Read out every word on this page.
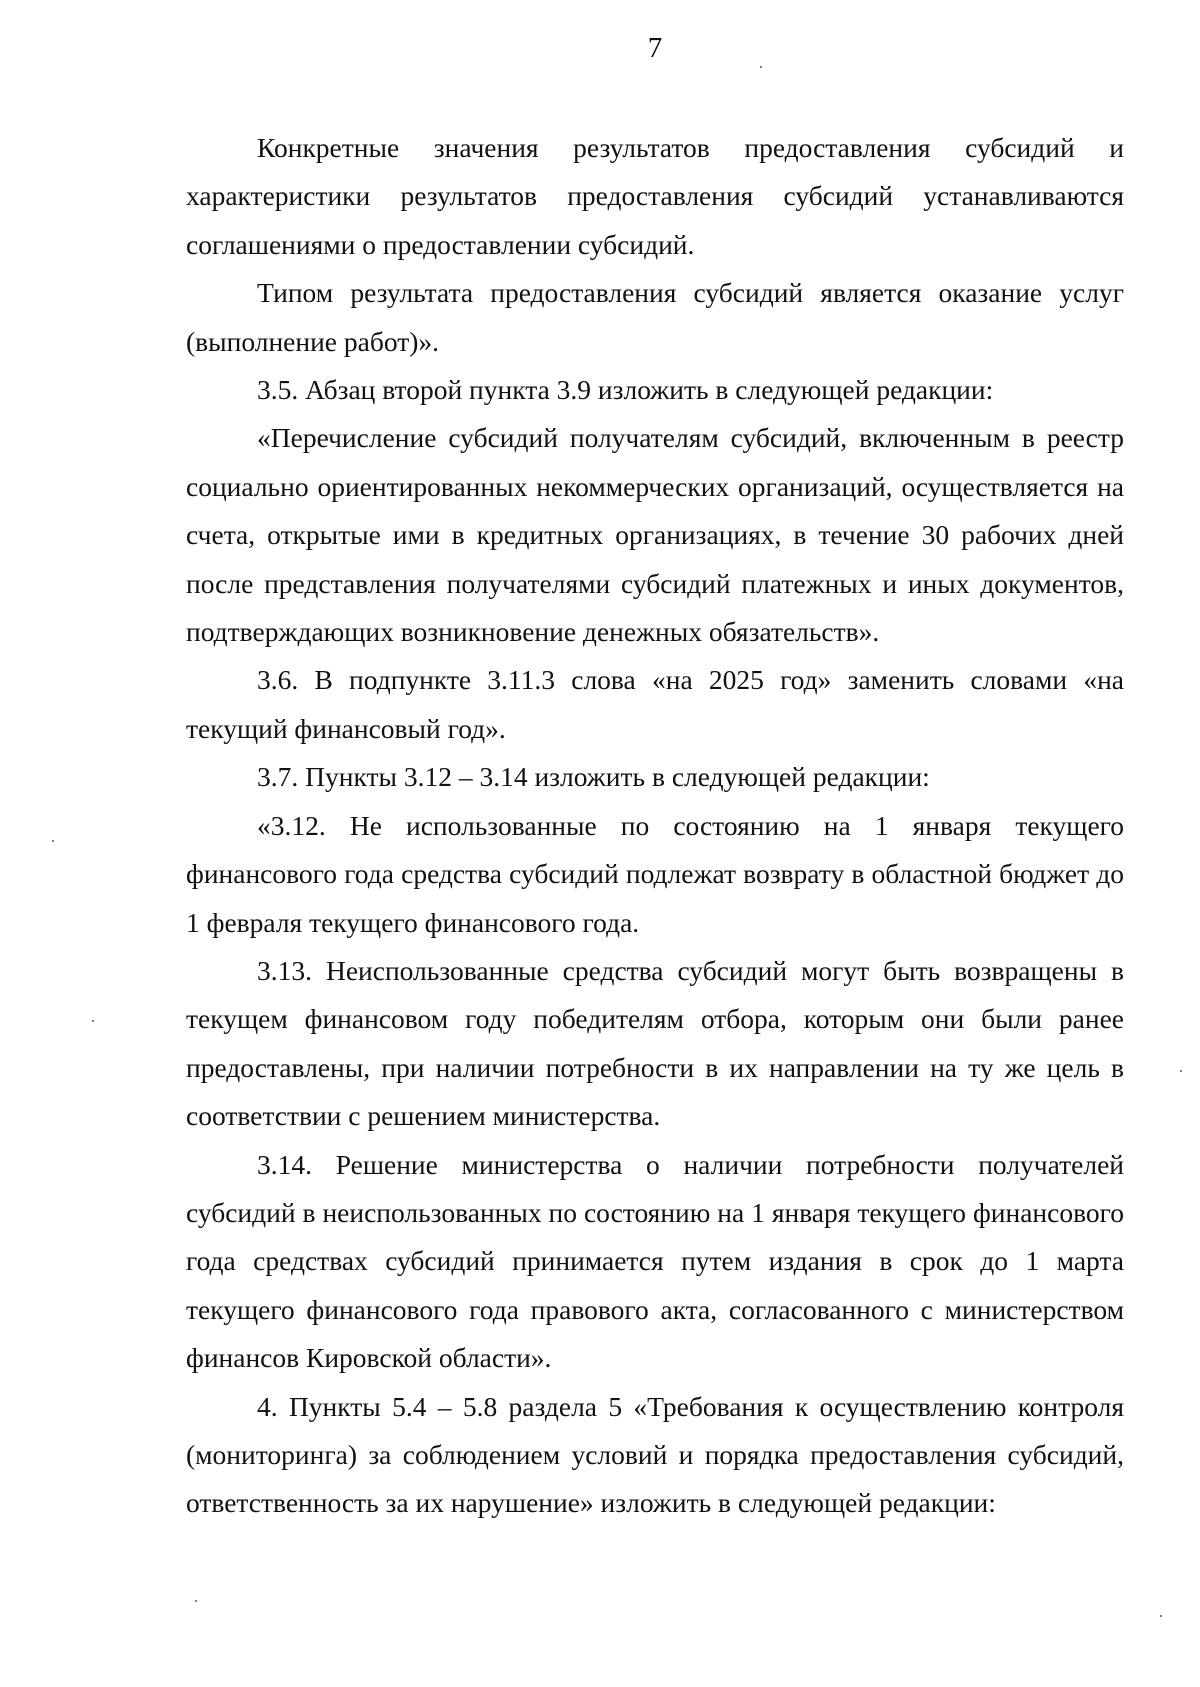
7

Конкретные значения результатов предоставления субсидий и характеристики результатов предоставления субсидий устанавливаются соглашениями о предоставлении субсидий.

Типом результата предоставления субсидий является оказание услуг (выполнение работ)».

3.5. Абзац второй пункта 3.9 изложить в следующей редакции:

«Перечисление субсидий получателям субсидий, включенным в реестр социально ориентированных некоммерческих организаций, осуществляется на счета, открытые ими в кредитных организациях, в течение 30 рабочих дней после представления получателями субсидий платежных и иных документов, подтверждающих возникновение денежных обязательств».

3.6. В подпункте 3.11.3 слова «на 2025 год» заменить словами «на текущий финансовый год».

3.7. Пункты 3.12 – 3.14 изложить в следующей редакции:

«3.12. Не использованные по состоянию на 1 января текущего финансового года средства субсидий подлежат возврату в областной бюджет до 1 февраля текущего финансового года.

3.13. Неиспользованные средства субсидий могут быть возвращены в текущем финансовом году победителям отбора, которым они были ранее предоставлены, при наличии потребности в их направлении на ту же цель в соответствии с решением министерства.

3.14. Решение министерства о наличии потребности получателей субсидий в неиспользованных по состоянию на 1 января текущего финансового года средствах субсидий принимается путем издания в срок до 1 марта текущего финансового года правового акта, согласованного с министерством финансов Кировской области».

4. Пункты 5.4 – 5.8 раздела 5 «Требования к осуществлению контроля (мониторинга) за соблюдением условий и порядка предоставления субсидий, ответственность за их нарушение» изложить в следующей редакции:
